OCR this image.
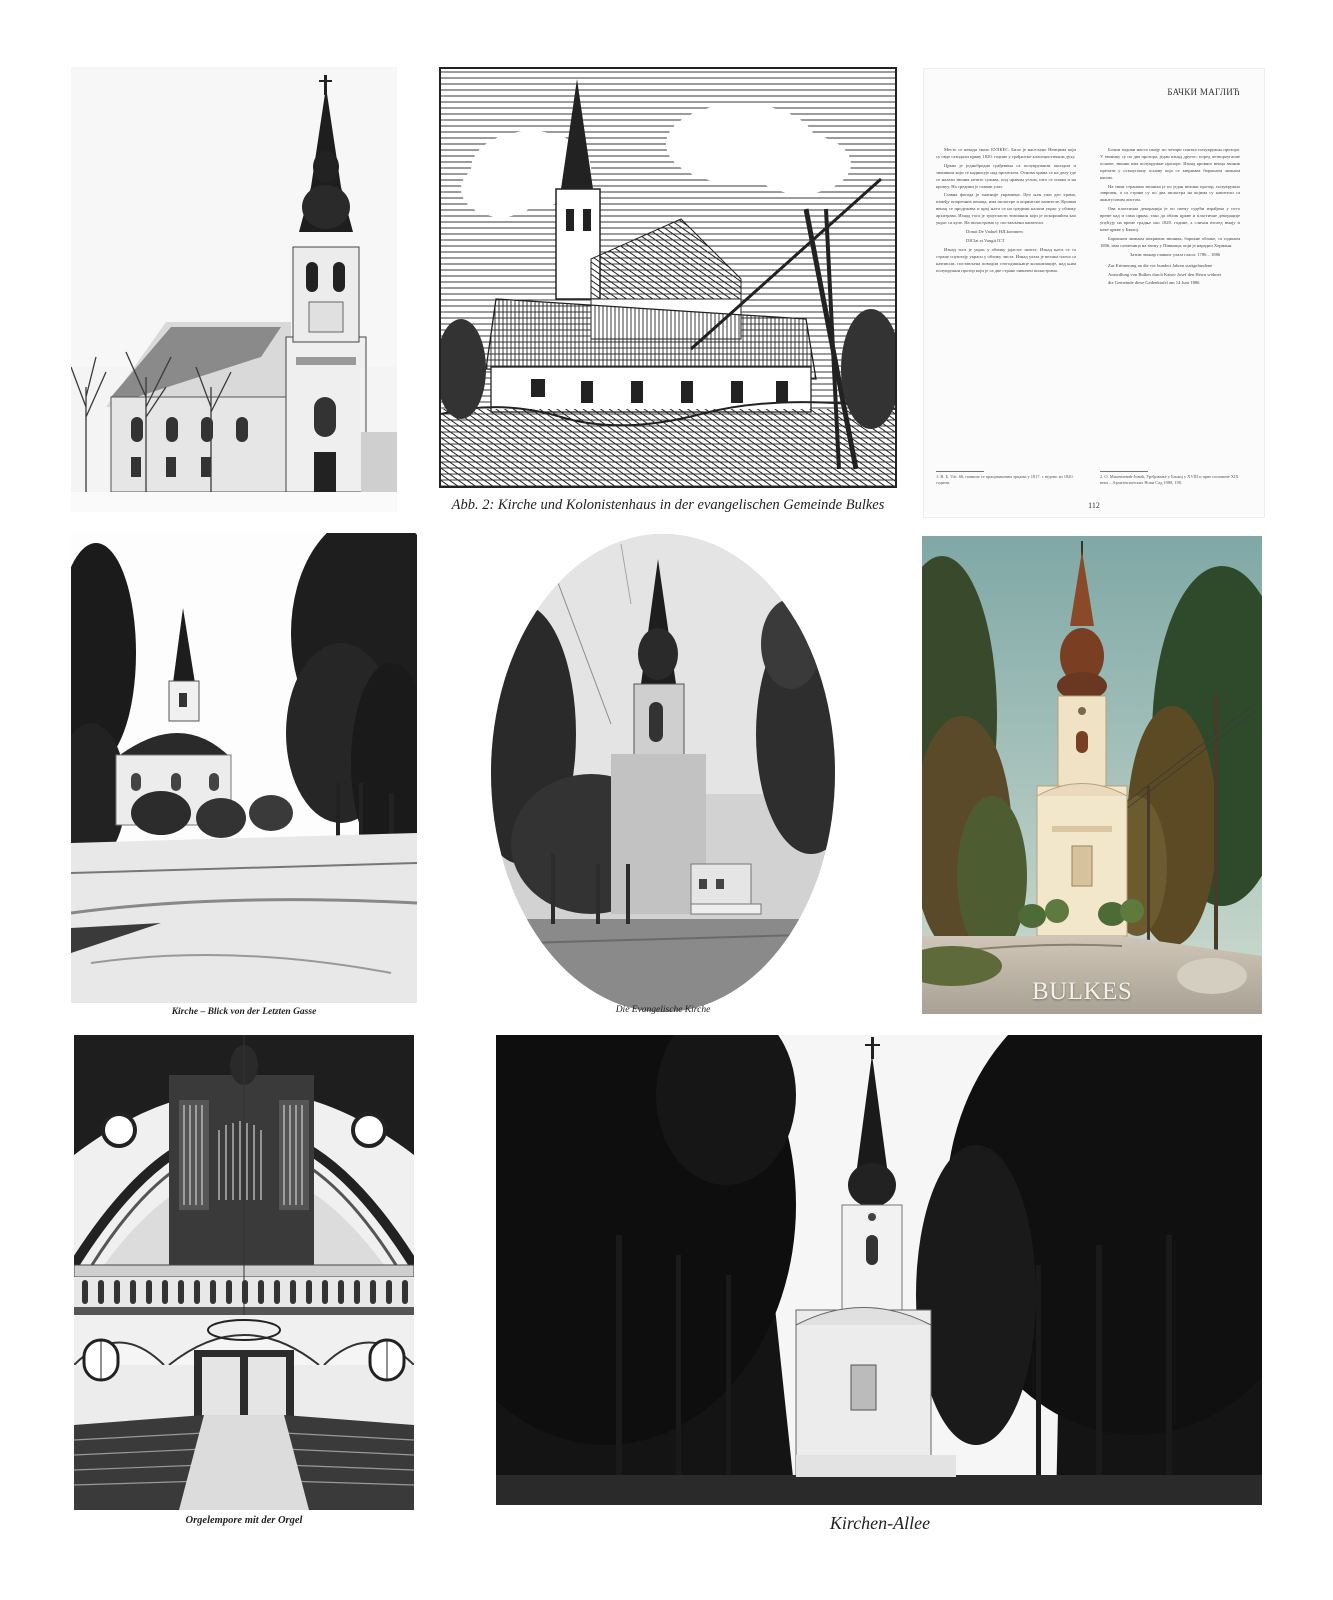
Abb. 2: Kirche und Kolonistenhaus in der evangelischen Gemeinde Bulkes
БАЧКИ МАГЛИЋ

Место се некада звало БУЛКЕС. Било је насељено Немцима који су овде сазидали цркву 1820. године у грађанско-класицистичком духу.

Црква је једнобродна грађевина са полукружном апсидом и звоником који се надвисује над прочељем. Основа храма се на делу где се налази звоник нешто сужава, под правим углом, што се опажа и на кровуу. На средини је главни улаз.

Главна фасада је знатније украшена. Цео њен ужи део храма, између попречних венаца, има пиластре и коринтске капителе. Кровни венац се продужава и крај њега се на средини налази украс у облику архитрава. Изнад тога је троугласти тимпанон који је искоришћен као украс са куле. На пиластрима су постављени капители.

Donat De Vaduel HJLkommen

DIClat et Vaugit ICT

Изнад тога је украс у облику јајастог штита. Изнад њега се са стране спуштају украси у облику листа. Изнад улаза је велика плоча са натписом, постављена поводом стогодишњице колонизације, над њим полукружни прозор који је са две стране оивичен пиластрима.

Бочни зидови наоса имају по четири плитка полукружна прозора. У звонику су по два прозора, један изнад другог; поред четвороугаоне основе, звоник има полукружне прозоре. Изнад кровног венца звоник прелази у осмоугаону основу која се завршава барокном лимном капом.

На свим странама звоника је по један велики прозор, полукружно завршен, а са стране су по два пиластра на којима су капители са акантусовим листом.

Ова пластична декорација је по свему судећи израђена у исто време кад и сама црква, тако да облик цркве и пластичне декорације упућују на време градње око 1820. године, а сличан изглед имају и неке цркве у Бачкој.

Барокном лимном покривом звоника, барокне облике, са годином 1806, има слеменица на звону у Пивници, који је нарадио Херманн.

Затим звонар главног улаза гласи: 1786 – 1886

Zur Erinnerung an die vor hundert Jahren stattgefundene

Ansiedlung von Bulkes durch Kaiser Josef den Herrn widmet

die Gemeinde diese Gedenktafel am 14 Juni 1886

1. В. Б. Vär. 66, повише се праорвишним зрцами у 1817. с ведено из 1820. години.
2. О. Милешевић-Јовић, Уређивање у Бачкој у XVIII и прве половине XIX века – Архитектонских Нови Сад 1988, 190.
112
Kirche – Blick von der Letzten Gasse	Die Evangelische Kirche
BULKES
Orgelempore mit der Orgel	Kirchen-Allee
